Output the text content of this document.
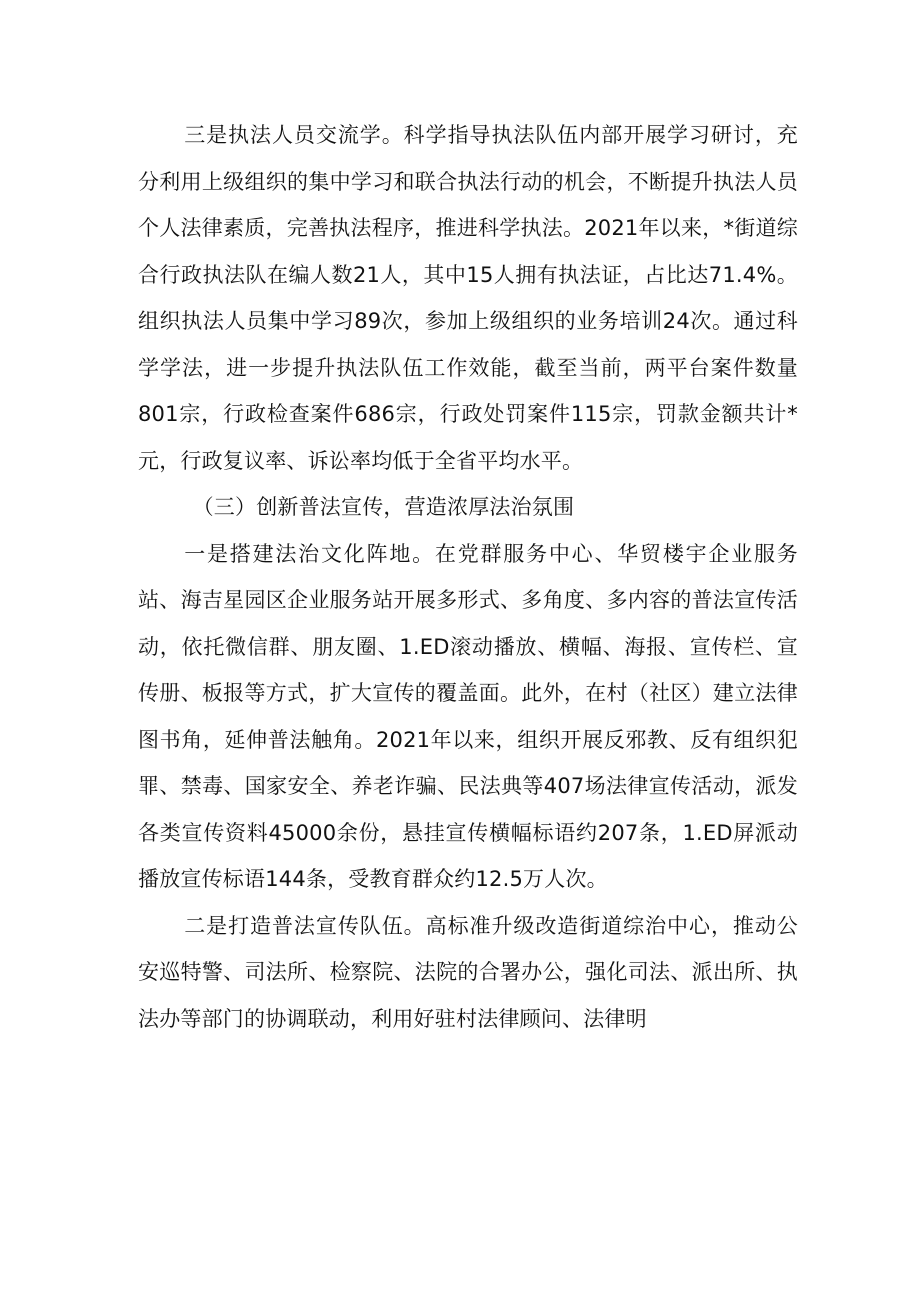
三是执法人员交流学。科学指导执法队伍内部开展学习研讨，充分利用上级组织的集中学习和联合执法行动的机会，不断提升执法人员个人法律素质，完善执法程序，推进科学执法。2021年以来，*街道综合行政执法队在编人数21人，其中15人拥有执法证，占比达71.4%。组织执法人员集中学习89次，参加上级组织的业务培训24次。通过科学学法，进一步提升执法队伍工作效能，截至当前，两平台案件数量801宗，行政检查案件686宗，行政处罚案件115宗，罚款金额共计*元，行政复议率、诉讼率均低于全省平均水平。

（三）创新普法宣传，营造浓厚法治氛围

一是搭建法治文化阵地。在党群服务中心、华贸楼宇企业服务站、海吉星园区企业服务站开展多形式、多角度、多内容的普法宣传活动，依托微信群、朋友圈、1.ED滚动播放、横幅、海报、宣传栏、宣传册、板报等方式，扩大宣传的覆盖面。此外，在村（社区）建立法律图书角，延伸普法触角。2021年以来，组织开展反邪教、反有组织犯罪、禁毒、国家安全、养老诈骗、民法典等407场法律宣传活动，派发各类宣传资料45000余份，悬挂宣传横幅标语约207条，1.ED屏派动播放宣传标语144条，受教育群众约12.5万人次。

二是打造普法宣传队伍。高标准升级改造街道综治中心，推动公安巡特警、司法所、检察院、法院的合署办公，强化司法、派出所、执法办等部门的协调联动，利用好驻村法律顾问、法律明
